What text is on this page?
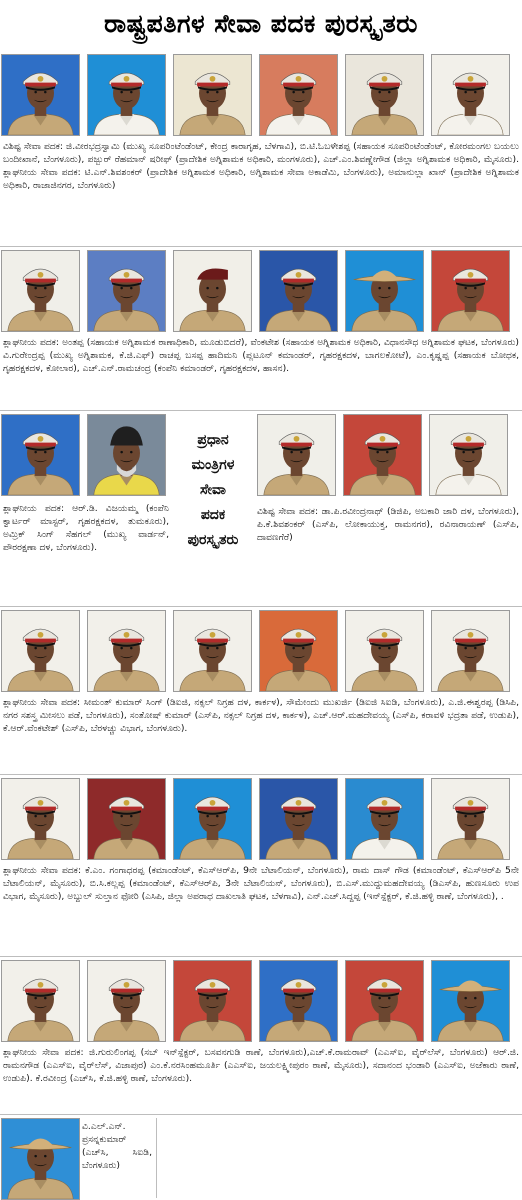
ರಾಷ್ಟ್ರಪತಿಗಳ ಸೇವಾ ಪದಕ ಪುರಸ್ಕೃತರು
ವಿಶಿಷ್ಟ ಸೇವಾ ಪದಕ: ಜಿ.ವೀರಭದ್ರಸ್ವಾಮಿ (ಮುಖ್ಯ ಸೂಪರಿಂಟೆಂಡೆಂಟ್, ಕೇಂದ್ರ ಕಾರಾಗೃಹ, ಬೆಳಗಾವಿ), ಬಿ.ಟಿ.ಓಬಳೇಶಪ್ಪ (ಸಹಾಯಕ ಸೂಪರಿಂಟೆಂಡೆಂಟ್, ಕೋರಮಂಗಲ ಬಯಲು ಬಂದೀಖಾನೆ, ಬೆಂಗಳೂರು), ಪಜ್ಬುರ್ ರೆಹಮಾನ್ ಷರೀಫ್ (ಪ್ರಾದೇಶಿಕ ಅಗ್ನಿಶಾಮಕ ಅಧಿಕಾರಿ, ಮಂಗಳೂರು), ಎಚ್.ಎಂ.ಶಿವಣ್ಣೇಗೌಡ (ಜಿಲ್ಲಾ ಅಗ್ನಿಶಾಮಕ ಅಧಿಕಾರಿ, ಮೈಸೂರು). ಶ್ಲಾಘನೀಯ ಸೇವಾ ಪದಕ: ಟಿ.ಎನ್.ಶಿವಶಂಕರ್ (ಪ್ರಾದೇಶಿಕ ಅಗ್ನಿಶಾಮಕ ಅಧಿಕಾರಿ, ಅಗ್ನಿಶಾಮಕ ಸೇವಾ ಅಕಾಡೆಮಿ, ಬೆಂಗಳೂರು), ಅಮಾನುಲ್ಲಾ ಖಾನ್ (ಪ್ರಾದೇಶಿಕ ಅಗ್ನಿಶಾಮಕ ಅಧಿಕಾರಿ, ರಾಜಾಜಿನಗರ, ಬೆಂಗಳೂರು)
ಶ್ಲಾಘನೀಯ ಪದಕ: ಅಂತಪ್ಪ (ಸಹಾಯಕ ಅಗ್ನಿಶಾಮಕ ಠಾಣಾಧಿಕಾರಿ, ಮೂಡುಬಿದರೆ), ವೆಂಕಟೇಶ (ಸಹಾಯಕ ಅಗ್ನಿಶಾಮಕ ಅಧಿಕಾರಿ, ವಿಧಾನಸೌಧ ಅಗ್ನಿಶಾಮಕ ಘಟಕ, ಬೆಂಗಳೂರು) ವಿ.ಗುರೇಂದ್ರಪ್ಪ (ಮುಖ್ಯ ಅಗ್ನಿಶಾಮಕ, ಕೆ.ಜಿ.ಎಫ್) ರಾಚಪ್ಪ ಬಸಪ್ಪ ಹಾದಿಮನಿ (ಪ್ಲಟೂನ್ ಕಮಾಂಡರ್, ಗೃಹರಕ್ಷಕದಳ, ಬಾಗಲಕೋಟೆ), ಎಂ.ಕೃಷ್ಣಪ್ಪ (ಸಹಾಯಕ ಬೋಧಕ, ಗೃಹರಕ್ಷಕದಳ, ಕೋಲಾರ), ಎಚ್.ಎನ್.ರಾಮಚಂದ್ರ (ಕಂಪೆನಿ ಕಮಾಂಡರ್, ಗೃಹರಕ್ಷಕದಳ, ಹಾಸನ).
ಶ್ಲಾಘನೀಯ ಪದಕ: ಆರ್.ಡಿ. ವಿಜಯಮ್ಮ (ಕಂಪೆನಿ ಕ್ವಾರ್ಟರ್ ಮಾಸ್ಟರ್, ಗೃಹರಕ್ಷಕದಳ, ತುಮಕೂರು), ಅಮ್ರಿಕ್ ಸಿಂಗ್ ಸೆಹಗಲ್ (ಮುಖ್ಯ ವಾರ್ಡನ್, ಪೌರರಕ್ಷಣಾ ದಳ, ಬೆಂಗಳೂರು).
ಪ್ರಧಾನ
ಮಂತ್ರಿಗಳ
ಸೇವಾ
ಪದಕ
ಪುರಸ್ಕೃತರು
ವಿಶಿಷ್ಟ ಸೇವಾ ಪದಕ: ಡಾ.ಪಿ.ರವೀಂದ್ರನಾಥ್ (ಡಿಜಿಪಿ, ಅಬಕಾರಿ ಜಾರಿ ದಳ, ಬೆಂಗಳೂರು), ಪಿ.ಕೆ.ಶಿವಶಂಕರ್ (ಎಸ್‌ಪಿ, ಲೋಕಾಯುಕ್ತ, ರಾಮನಗರ), ರವಿನಾರಾಯಣ್ (ಎಸ್‌ಪಿ, ದಾವಣಗೆರೆ)
ಶ್ಲಾಘನೀಯ ಸೇವಾ ಪದಕ: ಸೀಮಂತ್ ಕುಮಾರ್ ಸಿಂಗ್ (ಡಿಐಜಿ, ನಕ್ಸಲ್ ನಿಗ್ರಹ ದಳ, ಕಾರ್ಕಳ), ಸೌಮೇಂದು ಮುಖರ್ಜಿ (ಡಿಐಜಿ ಸಿಐಡಿ, ಬೆಂಗಳೂರು), ಎ.ಜಿ.ಈಶ್ವರಪ್ಪ (ಡಿಸಿಪಿ, ನಗರ ಸಶಸ್ತ್ರ ಮೀಸಲು ಪಡೆ, ಬೆಂಗಳೂರು), ಸಂತೋಷ್ ಕುಮಾರ್ (ಎಸ್‌ಪಿ, ನಕ್ಸಲ್ ನಿಗ್ರಹ ದಳ, ಕಾರ್ಕಳ), ಎಚ್.ಆರ್.ಮಹದೇವಯ್ಯ (ಎಸ್‌ಪಿ, ಕರಾವಳಿ ಭದ್ರತಾ ಪಡೆ, ಉಡುಪಿ), ಕೆ.ಆರ್.ವೆಂಕಟೇಶ್ (ಎಸ್‌ಪಿ, ಬೆರಳಚ್ಚು ವಿಭಾಗ, ಬೆಂಗಳೂರು).
ಶ್ಲಾಘನೀಯ ಸೇವಾ ಪದಕ: ಕೆ.ಎಂ. ಗಂಗಾಧರಪ್ಪ (ಕಮಾಂಡೆಂಟ್, ಕೆಎಸ್‌ಆರ್‌ಪಿ, 9ನೇ ಬೆಟಾಲಿಯನ್, ಬೆಂಗಳೂರು), ರಾಮ ದಾಸ್ ಗೌಡ (ಕಮಾಂಡೆಂಟ್, ಕೆಎಸ್‌ಆರ್‌ಪಿ 5ನೇ ಬೆಟಾಲಿಯನ್, ಮೈಸೂರು), ಬಿ.ಸಿ.ಕಲ್ಲಪ್ಪ (ಕಮಾಂಡೆಂಟ್, ಕೆಎಸ್‌ಆರ್‌ಪಿ, 3ನೇ ಬೆಟಾಲಿಯನ್, ಬೆಂಗಳೂರು), ಬಿ.ಎಸ್.ಮುದ್ದುಮಹದೇವಯ್ಯ (ಡಿಎಸ್‌ಪಿ, ಹುಣಸೂರು ಉಪ ವಿಭಾಗ, ಮೈಸೂರು), ಅಬ್ದುಲ್ ಸುಲ್ತಾನ ಫೋರಿ (ಎಸಿಪಿ, ಜಿಲ್ಲಾ ಅಪರಾಧ ದಾಖಲಾತಿ ಘಟಕ, ಬೆಳಗಾವಿ), ಎನ್.ಎಚ್.ಸಿದ್ದಪ್ಪ (ಇನ್‌ಸ್ಪೆಕ್ಟರ್, ಕೆ.ಜಿ.ಹಳ್ಳಿ ಠಾಣೆ, ಬೆಂಗಳೂರು), .
ಶ್ಲಾಘನೀಯ ಸೇವಾ ಪದಕ: ಜಿ.ಗುರುಲಿಂಗಪ್ಪ (ಸಬ್ ಇನ್‌ಸ್ಪೆಕ್ಟರ್, ಬಸವನಗುಡಿ ಠಾಣೆ, ಬೆಂಗಳೂರು),ಎಚ್.ಕೆ.ರಾಮರಾವ್ (ಎಎಸ್‌ಐ, ವೈರ್‌ಲೆಸ್, ಬೆಂಗಳೂರು) ಆರ್.ಜಿ. ರಾಮನಗೌಡ (ಎಎಸ್‌ಐ, ವೈರ್‌ಲೆಸ್, ವಿಜಾಪುರ) ಎಂ.ಕೆ.ನರಸಿಂಹಮೂರ್ತಿ (ಎಎಸ್‌ಐ, ಜಯಲಕ್ಷ್ಮೀಪುರಂ ಠಾಣೆ, ಮೈಸೂರು), ಸದಾನಂದ ಭಂಡಾರಿ (ಎಎಸ್‌ಐ, ಅಜೆಕಾರು ಠಾಣೆ, ಉಡುಪಿ). ಕೆ.ರವೀಂದ್ರ (ಎಚ್‌ಸಿ, ಕೆ.ಜಿ.ಹಳ್ಳಿ ಠಾಣೆ, ಬೆಂಗಳೂರು).
ವಿ.ಎಲ್.ಎನ್. ಪ್ರಸನ್ನಕುಮಾರ್ (ಎಚ್‌ಸಿ, ಸಿಐಡಿ, ಬೆಂಗಳೂರು)
